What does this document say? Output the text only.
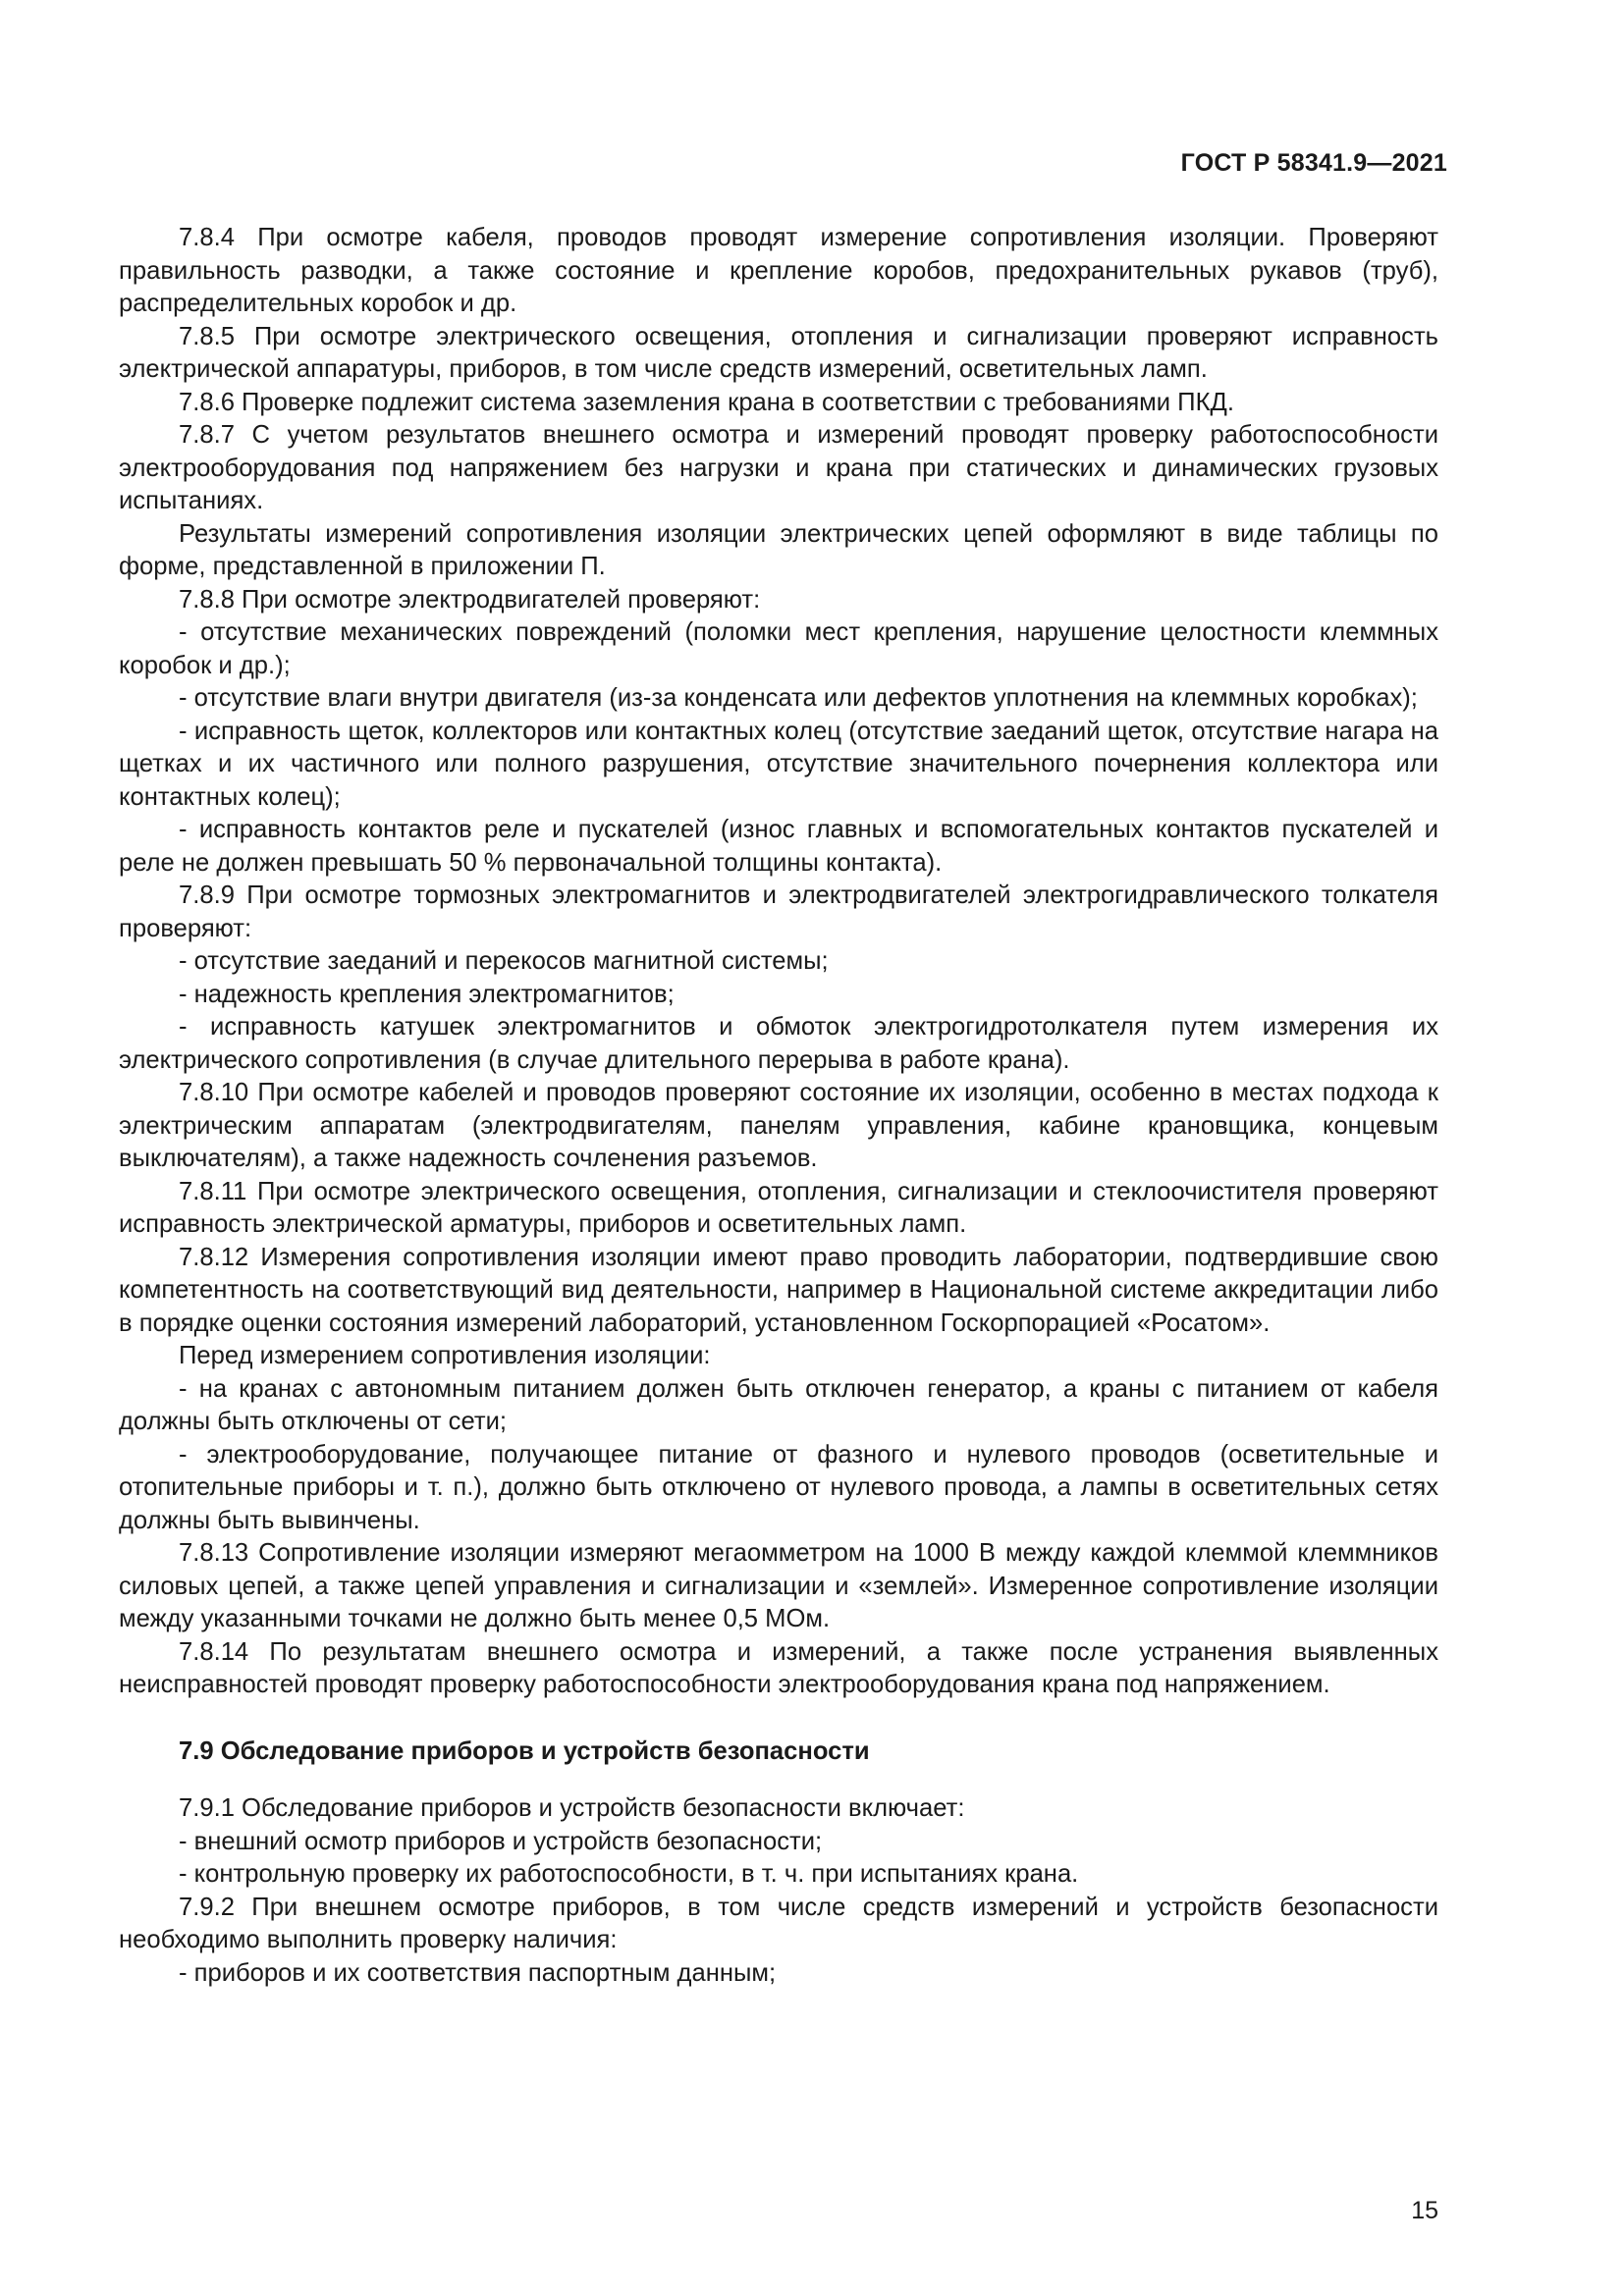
ГОСТ Р 58341.9—2021

7.8.4 При осмотре кабеля, проводов проводят измерение сопротивления изоляции. Проверяют правильность разводки, а также состояние и крепление коробов, предохранительных рукавов (труб), распределительных коробок и др.

7.8.5 При осмотре электрического освещения, отопления и сигнализации проверяют исправность электрической аппаратуры, приборов, в том числе средств измерений, осветительных ламп.

7.8.6 Проверке подлежит система заземления крана в соответствии с требованиями ПКД.

7.8.7 С учетом результатов внешнего осмотра и измерений проводят проверку работоспособности электрооборудования под напряжением без нагрузки и крана при статических и динамических грузовых испытаниях.

Результаты измерений сопротивления изоляции электрических цепей оформляют в виде таблицы по форме, представленной в приложении П.

7.8.8 При осмотре электродвигателей проверяют:

- отсутствие механических повреждений (поломки мест крепления, нарушение целостности клеммных коробок и др.);

- отсутствие влаги внутри двигателя (из-за конденсата или дефектов уплотнения на клеммных коробках);

- исправность щеток, коллекторов или контактных колец (отсутствие заеданий щеток, отсутствие нагара на щетках и их частичного или полного разрушения, отсутствие значительного почернения коллектора или контактных колец);

- исправность контактов реле и пускателей (износ главных и вспомогательных контактов пускателей и реле не должен превышать 50 % первоначальной толщины контакта).

7.8.9 При осмотре тормозных электромагнитов и электродвигателей электрогидравлического толкателя проверяют:

- отсутствие заеданий и перекосов магнитной системы;

- надежность крепления электромагнитов;

- исправность катушек электромагнитов и обмоток электрогидротолкателя путем измерения их электрического сопротивления (в случае длительного перерыва в работе крана).

7.8.10 При осмотре кабелей и проводов проверяют состояние их изоляции, особенно в местах подхода к электрическим аппаратам (электродвигателям, панелям управления, кабине крановщика, концевым выключателям), а также надежность сочленения разъемов.

7.8.11 При осмотре электрического освещения, отопления, сигнализации и стеклоочистителя проверяют исправность электрической арматуры, приборов и осветительных ламп.

7.8.12 Измерения сопротивления изоляции имеют право проводить лаборатории, подтвердившие свою компетентность на соответствующий вид деятельности, например в Национальной системе аккредитации либо в порядке оценки состояния измерений лабораторий, установленном Госкорпорацией «Росатом».

Перед измерением сопротивления изоляции:

- на кранах с автономным питанием должен быть отключен генератор, а краны с питанием от кабеля должны быть отключены от сети;

- электрооборудование, получающее питание от фазного и нулевого проводов (осветительные и отопительные приборы и т. п.), должно быть отключено от нулевого провода, а лампы в осветительных сетях должны быть вывинчены.

7.8.13 Сопротивление изоляции измеряют мегаомметром на 1000 В между каждой клеммой клеммников силовых цепей, а также цепей управления и сигнализации и «землей». Измеренное сопротивление изоляции между указанными точками не должно быть менее 0,5 МОм.

7.8.14 По результатам внешнего осмотра и измерений, а также после устранения выявленных неисправностей проводят проверку работоспособности электрооборудования крана под напряжением.

7.9 Обследование приборов и устройств безопасности

7.9.1 Обследование приборов и устройств безопасности включает:

- внешний осмотр приборов и устройств безопасности;

- контрольную проверку их работоспособности, в т. ч. при испытаниях крана.

7.9.2 При внешнем осмотре приборов, в том числе средств измерений и устройств безопасности необходимо выполнить проверку наличия:

- приборов и их соответствия паспортным данным;

15
